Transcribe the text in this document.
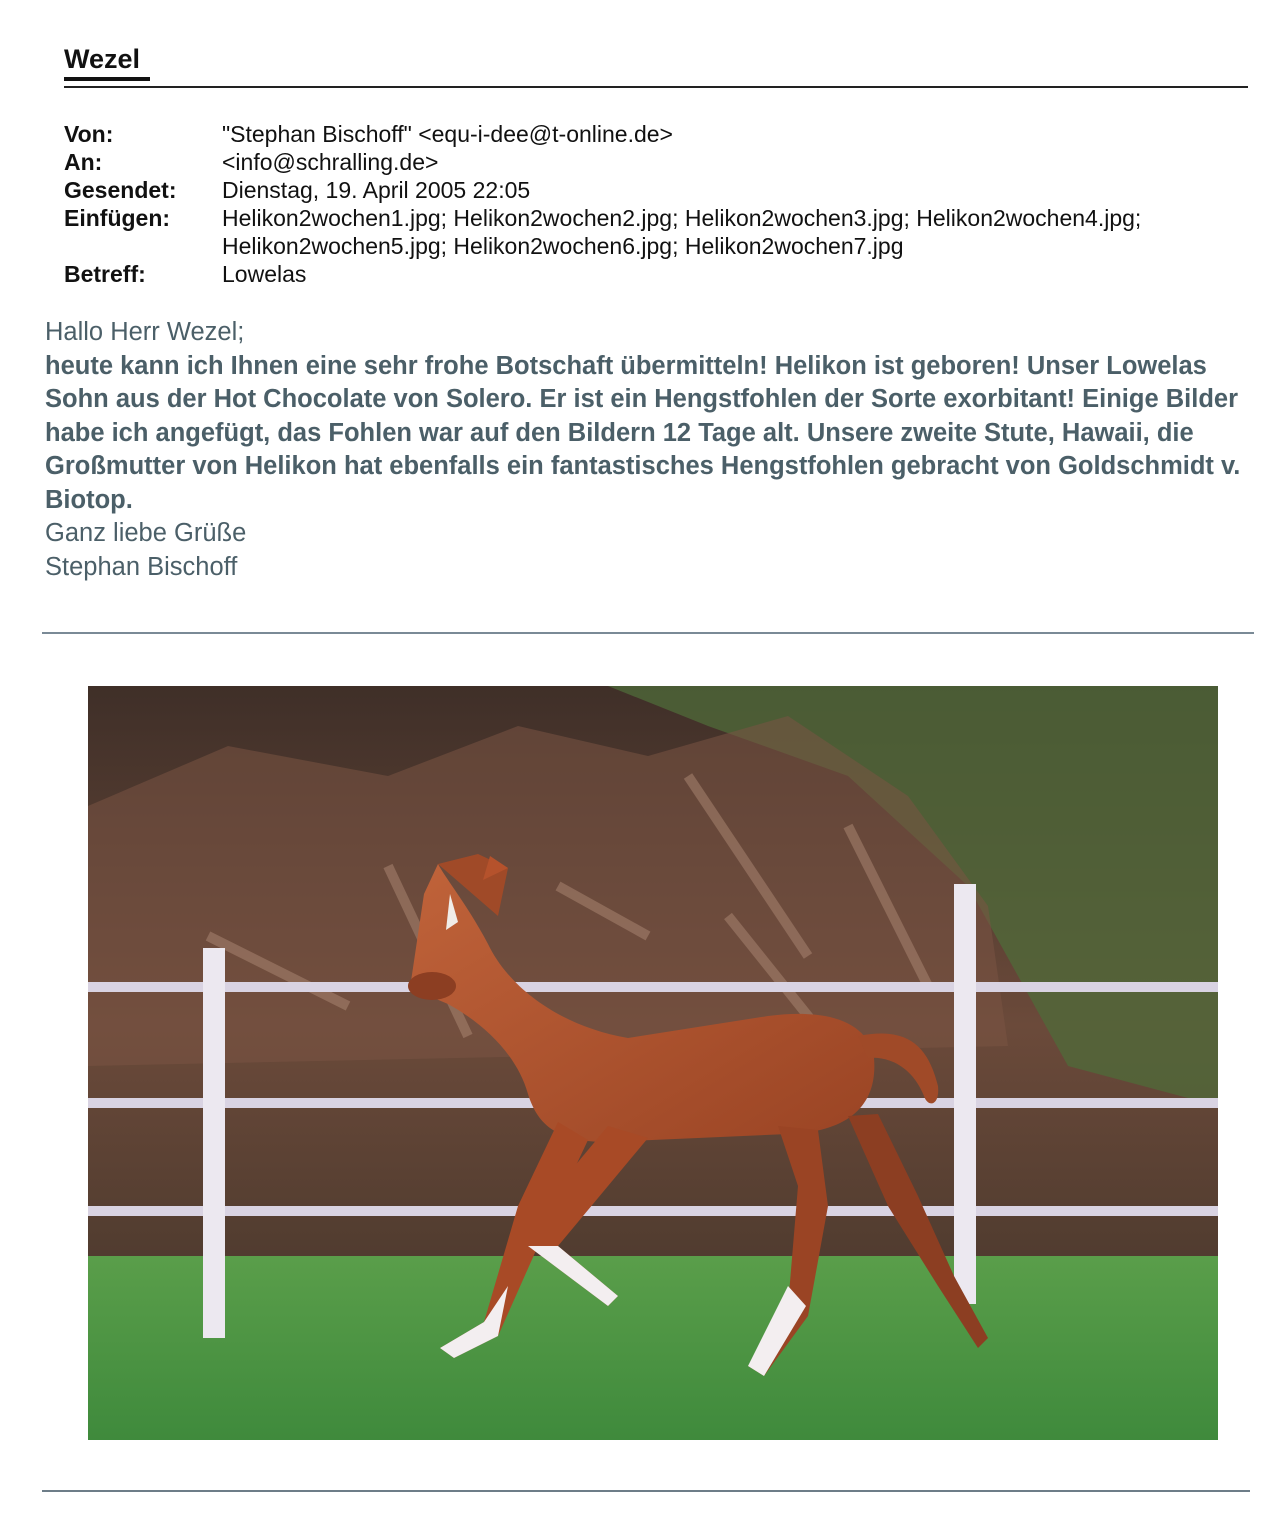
Wezel
Von:	"Stephan Bischoff" <equ-i-dee@t-online.de>
An:	<info@schralling.de>
Gesendet:	Dienstag, 19. April 2005 22:05
Einfügen:	Helikon2wochen1.jpg; Helikon2wochen2.jpg; Helikon2wochen3.jpg; Helikon2wochen4.jpg;
Helikon2wochen5.jpg; Helikon2wochen6.jpg; Helikon2wochen7.jpg
Betreff:	Lowelas

Hallo Herr Wezel;

heute kann ich Ihnen eine sehr frohe Botschaft übermitteln! Helikon ist geboren! Unser Lowelas Sohn aus der Hot Chocolate von Solero. Er ist ein Hengstfohlen der Sorte exorbitant! Einige Bilder habe ich angefügt, das Fohlen war auf den Bildern 12 Tage alt. Unsere zweite Stute, Hawaii, die Großmutter von Helikon hat ebenfalls ein fantastisches Hengstfohlen gebracht von Goldschmidt v. Biotop.

Ganz liebe Grüße

Stephan Bischoff
